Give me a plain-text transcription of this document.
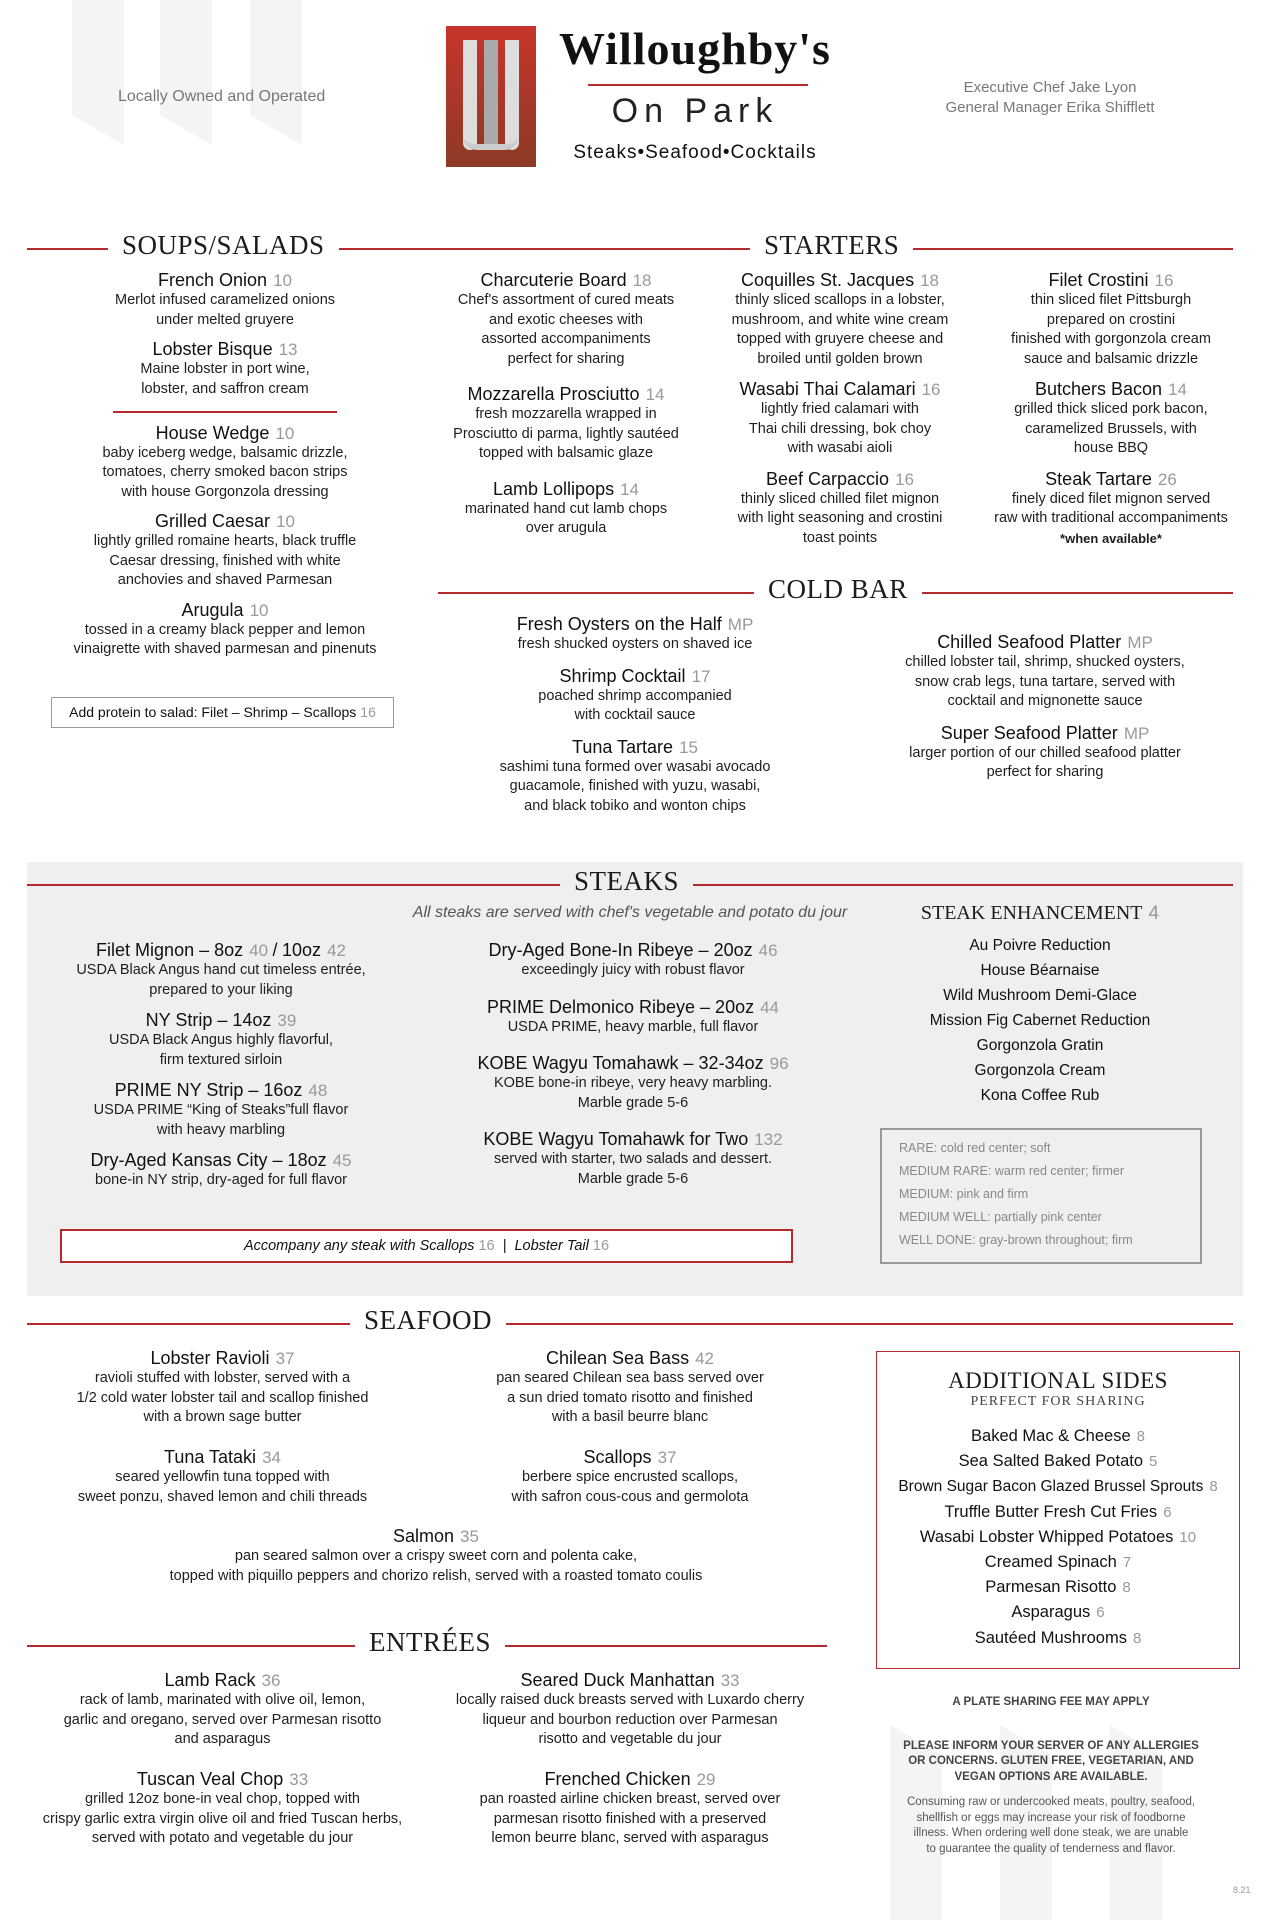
Locally Owned and Operated
Willoughby's
On Park
Steaks•Seafood•Cocktails
Executive Chef Jake Lyon
General Manager Erika Shifflett
SOUPS/SALADS	STARTERS
French Onion 10
Merlot infused caramelized onions
under melted gruyere
Lobster Bisque 13
Maine lobster in port wine,
lobster, and saffron cream
House Wedge 10
baby iceberg wedge, balsamic drizzle,
tomatoes, cherry smoked bacon strips
with house Gorgonzola dressing
Grilled Caesar 10
lightly grilled romaine hearts, black truffle
Caesar dressing, finished with white
anchovies and shaved Parmesan
Arugula 10
tossed in a creamy black pepper and lemon
vinaigrette with shaved parmesan and pinenuts
Add protein to salad: Filet – Shrimp – Scallops 16
Charcuterie Board 18
Chef's assortment of cured meats
and exotic cheeses with
assorted accompaniments
perfect for sharing
Mozzarella Prosciutto 14
fresh mozzarella wrapped in
Prosciutto di parma, lightly sautéed
topped with balsamic glaze
Lamb Lollipops 14
marinated hand cut lamb chops
over arugula
Coquilles St. Jacques 18
thinly sliced scallops in a lobster,
mushroom, and white wine cream
topped with gruyere cheese and
broiled until golden brown
Wasabi Thai Calamari 16
lightly fried calamari with
Thai chili dressing, bok choy
with wasabi aioli
Beef Carpaccio 16
thinly sliced chilled filet mignon
with light seasoning and crostini
toast points
Filet Crostini 16
thin sliced filet Pittsburgh
prepared on crostini
finished with gorgonzola cream
sauce and balsamic drizzle
Butchers Bacon 14
grilled thick sliced pork bacon,
caramelized Brussels, with
house BBQ
Steak Tartare 26
finely diced filet mignon served
raw with traditional accompaniments
*when available*
COLD BAR
Fresh Oysters on the Half MP
fresh shucked oysters on shaved ice
Shrimp Cocktail 17
poached shrimp accompanied
with cocktail sauce
Tuna Tartare 15
sashimi tuna formed over wasabi avocado
guacamole, finished with yuzu, wasabi,
and black tobiko and wonton chips
Chilled Seafood Platter MP
chilled lobster tail, shrimp, shucked oysters,
snow crab legs, tuna tartare, served with
cocktail and mignonette sauce
Super Seafood Platter MP
larger portion of our chilled seafood platter
perfect for sharing
STEAKS
All steaks are served with chef's vegetable and potato du jour
Filet Mignon – 8oz 40 / 10oz 42
USDA Black Angus hand cut timeless entrée,
prepared to your liking
NY Strip – 14oz 39
USDA Black Angus highly flavorful,
firm textured sirloin
PRIME NY Strip – 16oz 48
USDA PRIME “King of Steaks”full flavor
with heavy marbling
Dry-Aged Kansas City – 18oz 45
bone-in NY strip, dry-aged for full flavor
Dry-Aged Bone-In Ribeye – 20oz 46
exceedingly juicy with robust flavor
PRIME Delmonico Ribeye – 20oz 44
USDA PRIME, heavy marble, full flavor
KOBE Wagyu Tomahawk – 32-34oz 96
KOBE bone-in ribeye, very heavy marbling.
Marble grade 5-6
KOBE Wagyu Tomahawk for Two 132
served with starter, two salads and dessert.
Marble grade 5-6
Accompany any steak with Scallops 16 | Lobster Tail 16
STEAK ENHANCEMENT 4
Au Poivre Reduction
House Béarnaise
Wild Mushroom Demi-Glace
Mission Fig Cabernet Reduction
Gorgonzola Gratin
Gorgonzola Cream
Kona Coffee Rub
RARE: cold red center; soft
MEDIUM RARE: warm red center; firmer
MEDIUM: pink and firm
MEDIUM WELL: partially pink center
WELL DONE: gray-brown throughout; firm
SEAFOOD
Lobster Ravioli 37
ravioli stuffed with lobster, served with a
1/2 cold water lobster tail and scallop finished
with a brown sage butter
Chilean Sea Bass 42
pan seared Chilean sea bass served over
a sun dried tomato risotto and finished
with a basil beurre blanc
Tuna Tataki 34
seared yellowfin tuna topped with
sweet ponzu, shaved lemon and chili threads
Scallops 37
berbere spice encrusted scallops,
with safron cous-cous and germolota
Salmon 35
pan seared salmon over a crispy sweet corn and polenta cake,
topped with piquillo peppers and chorizo relish, served with a roasted tomato coulis
ADDITIONAL SIDES
PERFECT FOR SHARING
Baked Mac & Cheese 8
Sea Salted Baked Potato 5
Brown Sugar Bacon Glazed Brussel Sprouts 8
Truffle Butter Fresh Cut Fries 6
Wasabi Lobster Whipped Potatoes 10
Creamed Spinach 7
Parmesan Risotto 8
Asparagus 6
Sautéed Mushrooms 8
ENTRÉES
Lamb Rack 36
rack of lamb, marinated with olive oil, lemon,
garlic and oregano, served over Parmesan risotto
and asparagus
Seared Duck Manhattan 33
locally raised duck breasts served with Luxardo cherry
liqueur and bourbon reduction over Parmesan
risotto and vegetable du jour
Tuscan Veal Chop 33
grilled 12oz bone-in veal chop, topped with
crispy garlic extra virgin olive oil and fried Tuscan herbs,
served with potato and vegetable du jour
Frenched Chicken 29
pan roasted airline chicken breast, served over
parmesan risotto finished with a preserved
lemon beurre blanc, served with asparagus
A PLATE SHARING FEE MAY APPLY
PLEASE INFORM YOUR SERVER OF ANY ALLERGIES
OR CONCERNS. GLUTEN FREE, VEGETARIAN, AND
VEGAN OPTIONS ARE AVAILABLE.
Consuming raw or undercooked meats, poultry, seafood,
shellfish or eggs may increase your risk of foodborne
illness. When ordering well done steak, we are unable
to guarantee the quality of tenderness and flavor.
8.21
